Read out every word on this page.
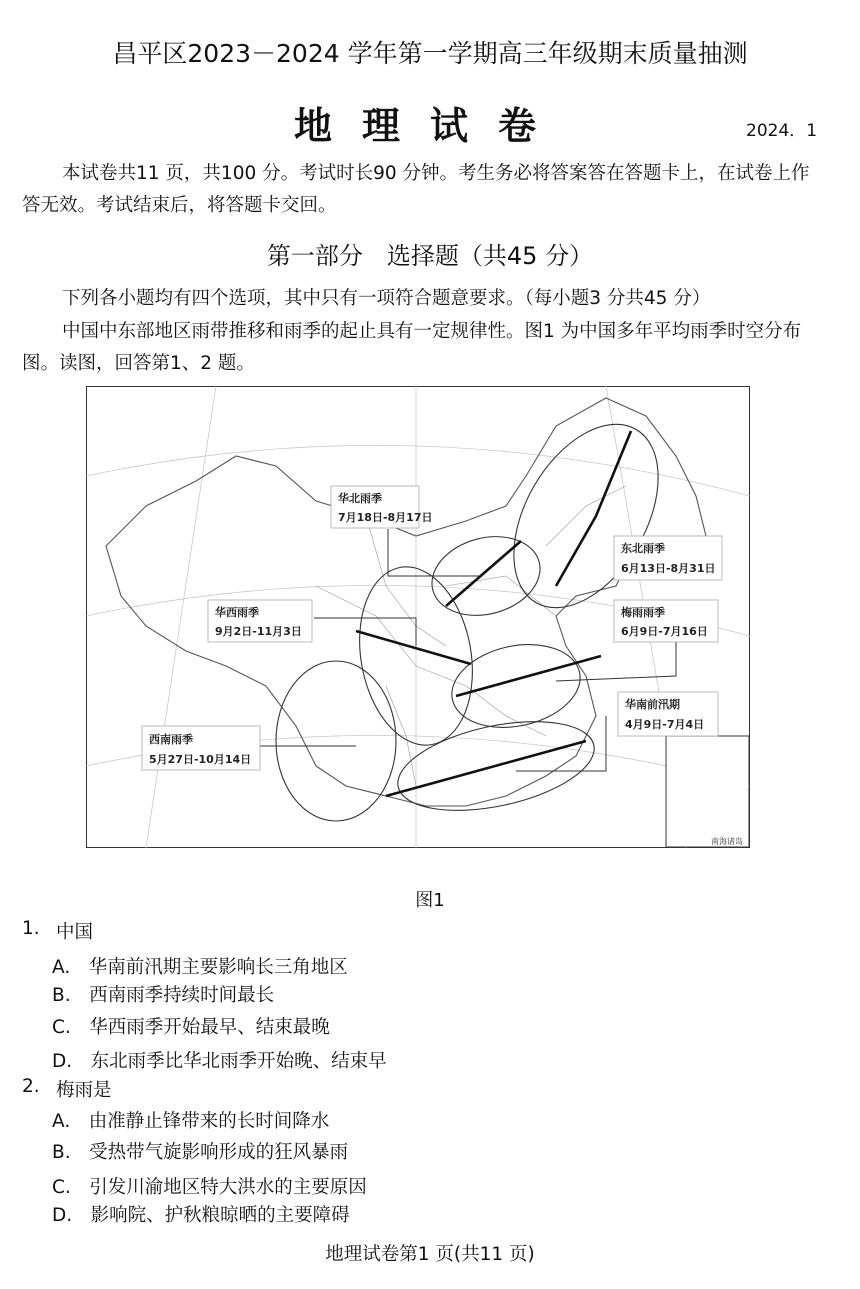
昌平区2023－2024 学年第一学期高三年级期末质量抽测
地理试卷	2024．1
本试卷共11 页，共100 分。考试时长90 分钟。考生务必将答案答在答题卡上，在试卷上作答无效。考试结束后，将答题卡交回。
第一部分　选择题（共45 分）
下列各小题均有四个选项，其中只有一项符合题意要求。（每小题3 分共45 分）
中国中东部地区雨带推移和雨季的起止具有一定规律性。图1 为中国多年平均雨季时空分布图。读图，回答第1、2 题。
南海诸岛
华北雨季
7月18日-8月17日
东北雨季
6月13日-8月31日
华西雨季
9月2日-11月3日
梅雨雨季
6月9日-7月16日
华南前汛期
4月9日-7月4日
西南雨季
5月27日-10月14日
图1
1. 中国
A.　华南前汛期主要影响长三角地区
B.　西南雨季持续时间最长
C.　华西雨季开始最早、结束最晚
D.　东北雨季比华北雨季开始晚、结束早
2. 梅雨是
A.　由准静止锋带来的长时间降水
B.　受热带气旋影响形成的狂风暴雨
C.　引发川渝地区特大洪水的主要原因
D.　影响院、护秋粮晾晒的主要障碍
地理试卷第1 页(共11 页)
